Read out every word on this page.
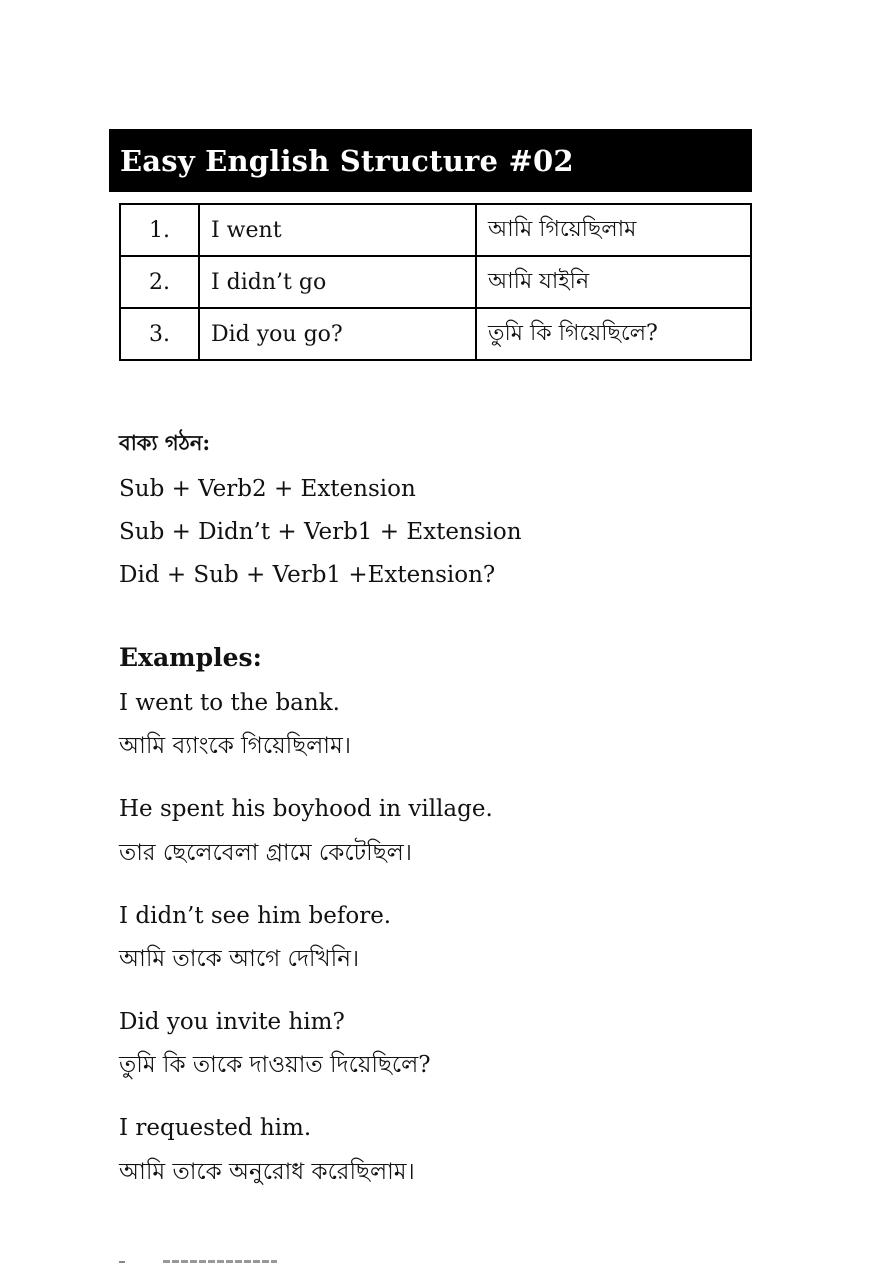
Easy English Structure #02
1.	I went	আমি গিয়েছিলাম
2.	I didn’t go	আমি যাইনি
3.	Did you go?	তুমি কি গিয়েছিলে?
বাক্য গঠন:
Sub + Verb2 + Extension
Sub + Didn’t + Verb1 + Extension
Did + Sub + Verb1 +Extension?
Examples:
I went to the bank.
আমি ব্যাংকে গিয়েছিলাম।
He spent his boyhood in village.
তার ছেলেবেলা গ্রামে কেটেছিল।
I didn’t see him before.
আমি তাকে আগে দেখিনি।
Did you invite him?
তুমি কি তাকে দাওয়াত দিয়েছিলে?
I requested him.
আমি তাকে অনুরোধ করেছিলাম।
